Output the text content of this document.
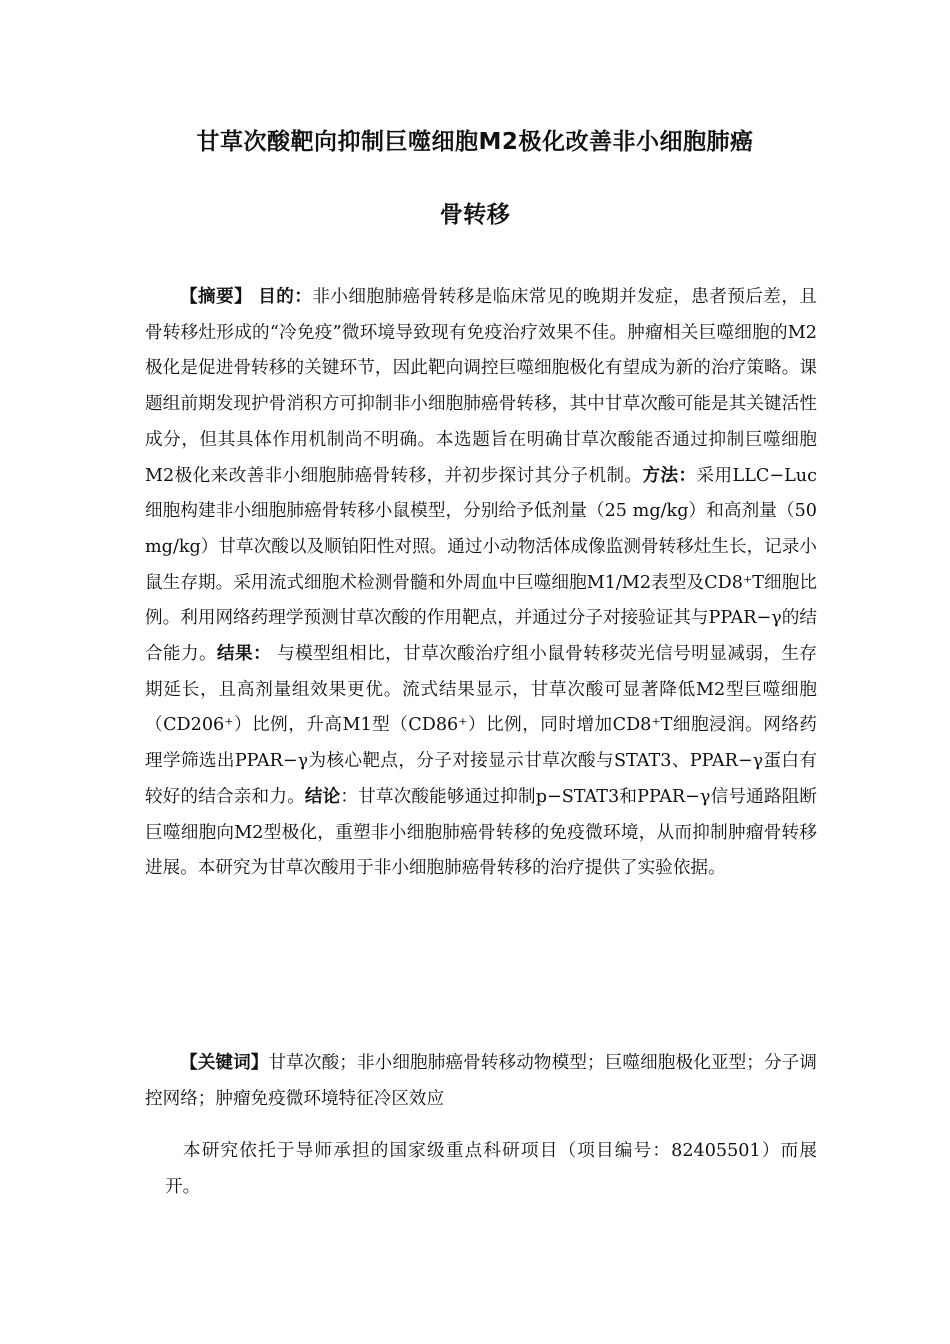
甘草次酸靶向抑制巨噬细胞M2极化改善非小细胞肺癌
骨转移
【摘要】 目的：非小细胞肺癌骨转移是临床常见的晚期并发症，患者预后差，且骨转移灶形成的“冷免疫”微环境导致现有免疫治疗效果不佳。肿瘤相关巨噬细胞的M2极化是促进骨转移的关键环节，因此靶向调控巨噬细胞极化有望成为新的治疗策略。课题组前期发现护骨消积方可抑制非小细胞肺癌骨转移，其中甘草次酸可能是其关键活性成分，但其具体作用机制尚不明确。本选题旨在明确甘草次酸能否通过抑制巨噬细胞M2极化来改善非小细胞肺癌骨转移，并初步探讨其分子机制。方法：采用LLC−Luc细胞构建非小细胞肺癌骨转移小鼠模型，分别给予低剂量（25 mg/kg）和高剂量（50 mg/kg）甘草次酸以及顺铂阳性对照。通过小动物活体成像监测骨转移灶生长，记录小鼠生存期。采用流式细胞术检测骨髓和外周血中巨噬细胞M1/M2表型及CD8⁺T细胞比例。利用网络药理学预测甘草次酸的作用靶点，并通过分子对接验证其与PPAR−γ的结合能力。结果： 与模型组相比，甘草次酸治疗组小鼠骨转移荧光信号明显减弱，生存期延长，且高剂量组效果更优。流式结果显示，甘草次酸可显著降低M2型巨噬细胞（CD206⁺）比例，升高M1型（CD86⁺）比例，同时增加CD8⁺T细胞浸润。网络药理学筛选出PPAR−γ为核心靶点，分子对接显示甘草次酸与STAT3、PPAR−γ蛋白有较好的结合亲和力。结论：甘草次酸能够通过抑制p−STAT3和PPAR−γ信号通路阻断巨噬细胞向M2型极化，重塑非小细胞肺癌骨转移的免疫微环境，从而抑制肿瘤骨转移进展。本研究为甘草次酸用于非小细胞肺癌骨转移的治疗提供了实验依据。
【关键词】甘草次酸；非小细胞肺癌骨转移动物模型；巨噬细胞极化亚型；分子调控网络；肿瘤免疫微环境特征冷区效应
本研究依托于导师承担的国家级重点科研项目（项目编号：82405501）而展开。
